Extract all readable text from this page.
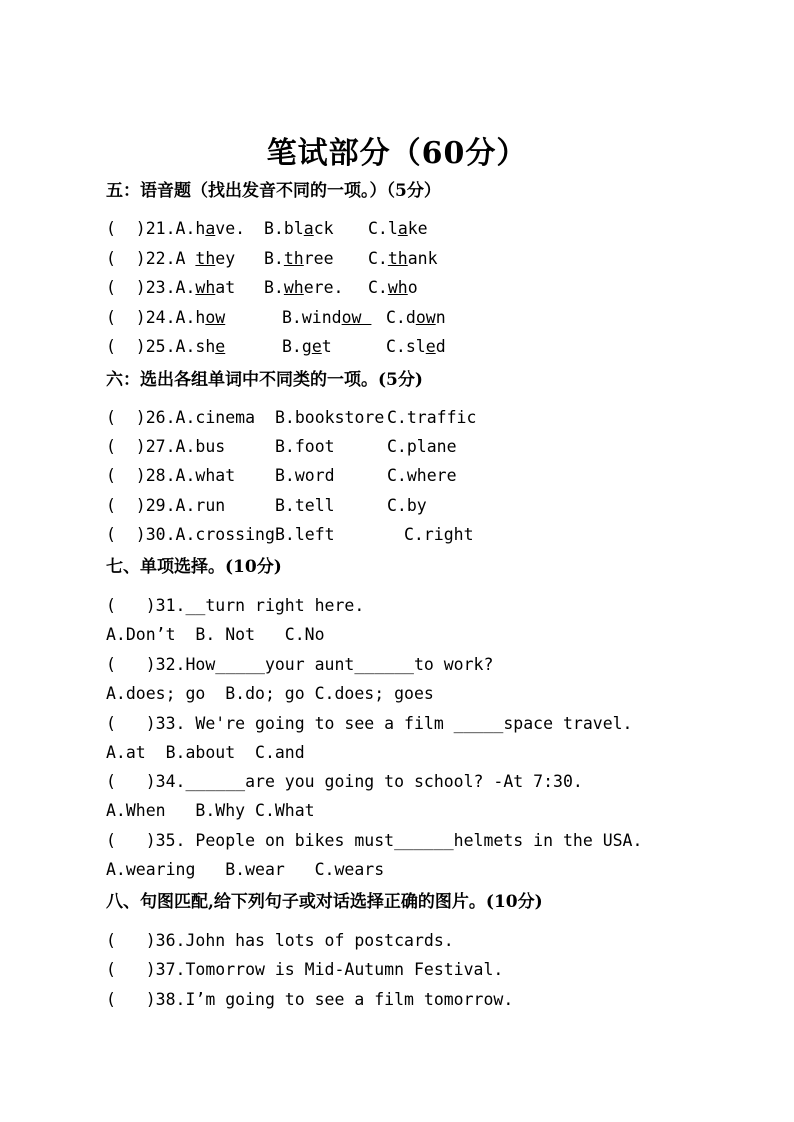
笔试部分（60分）
五：语音题（找出发音不同的一项。）（5分）
(  )21.A.have. B.black C.lake
(  )22.A they B.three C.thank
(  )23.A.what B.where. C.who
(  )24.A.how	B.window C.down
(  )25.A.she	B.get	C.sled
六：选出各组单词中不同类的一项。(5分)
(  )26.A.cinema B.bookstore C.traffic
(  )27.A.bus	B.foot	C.plane
(  )28.A.what B.word	C.where
(  )29.A.run	B.tell	C.by
(  )30.A.crossing B.left	C.right
七、单项选择。(10分)
(   )31.__turn right here.
A.Don’t  B. Not   C.No
(   )32.How_____your aunt______to work?
A.does; go  B.do; go C.does; goes
(   )33. We're going to see a film _____space travel.
A.at  B.about  C.and
(   )34.______are you going to school? -At 7:30.
A.When   B.Why C.What
(   )35. People on bikes must______helmets in the USA.
A.wearing   B.wear   C.wears
八、句图匹配,给下列句子或对话选择正确的图片。(10分)
(   )36.John has lots of postcards.
(   )37.Tomorrow is Mid-Autumn Festival.
(   )38.I’m going to see a film tomorrow.
